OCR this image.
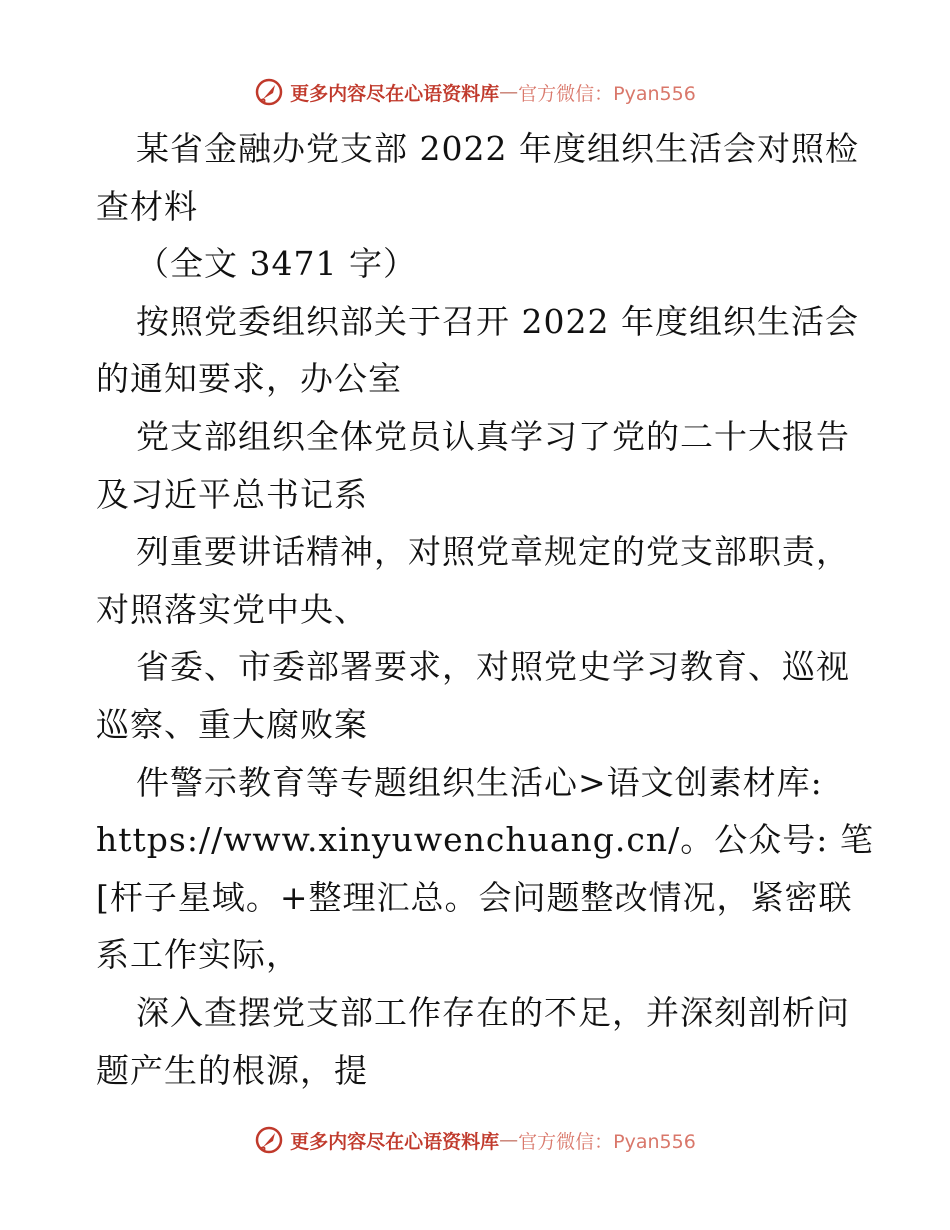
更多内容尽在心语资料库 — 官方微信：Pyan556
某省金融办党支部 2022 年度组织生活会对照检
查材料
（全文 3471 字）
按照党委组织部关于召开 2022 年度组织生活会
的通知要求，办公室
党支部组织全体党员认真学习了党的二十大报告
及习近平总书记系
列重要讲话精神，对照党章规定的党支部职责，
对照落实党中央、
省委、市委部署要求，对照党史学习教育、巡视
巡察、重大腐败案
件警示教育等专题组织生活心>语文创素材库:
https://www.xinyuwenchuang.cn/。公众号: 笔
[杆子星域。+整理汇总。会问题整改情况，紧密联
系工作实际，
深入查摆党支部工作存在的不足，并深刻剖析问
题产生的根源，提
更多内容尽在心语资料库 — 官方微信：Pyan556
